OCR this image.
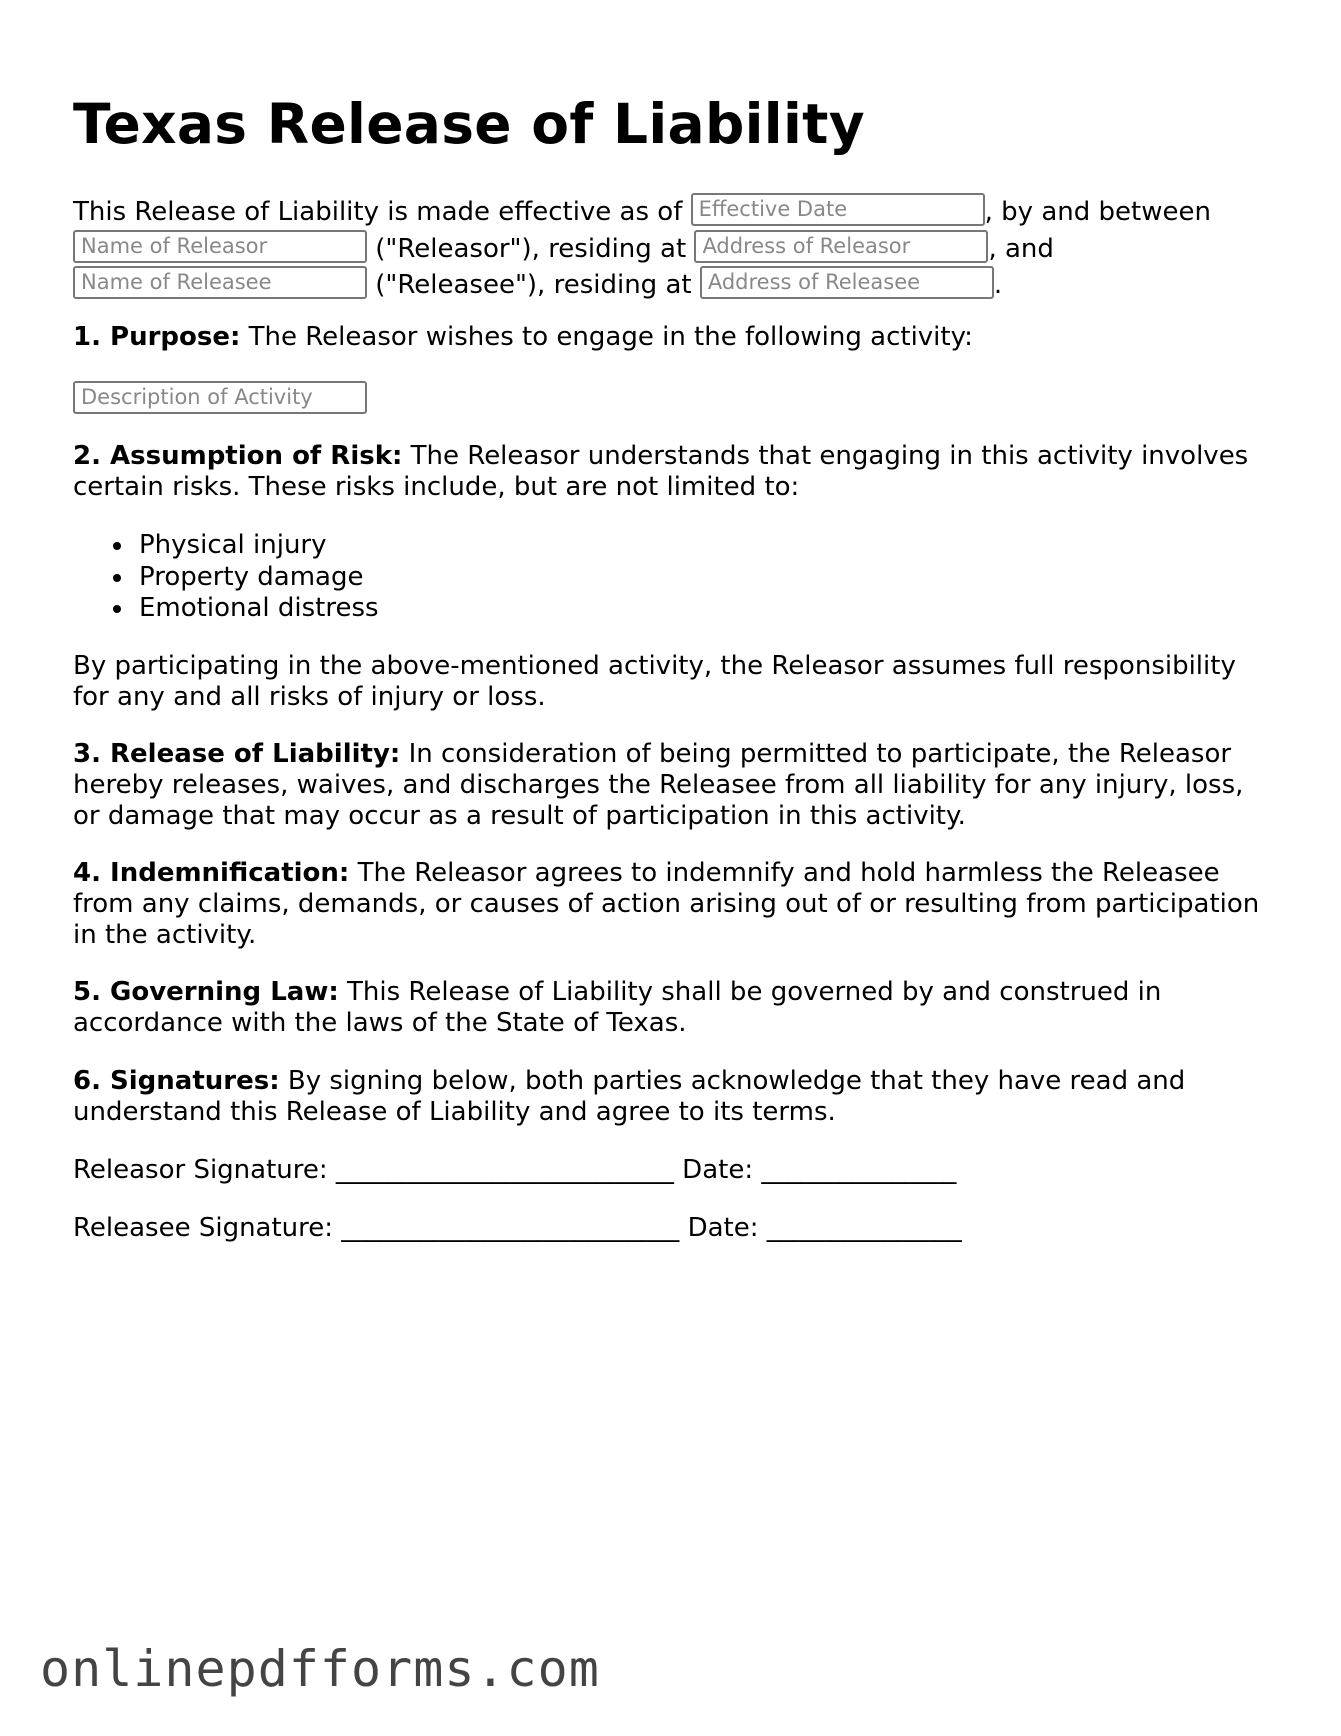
Texas Release of Liability
This Release of Liability is made effective as of Effective Date	, by and between
Name of Releasor	("Releasor"), residing at Address of Releasor	, and
Name of Releasee	("Releasee"), residing at Address of Releasee	.
1. Purpose: The Releasor wishes to engage in the following activity:
Description of Activity
2. Assumption of Risk: The Releasor understands that engaging in this activity involves certain risks. These risks include, but are not limited to:
Physical injury
Property damage
Emotional distress
By participating in the above-mentioned activity, the Releasor assumes full responsibility for any and all risks of injury or loss.
3. Release of Liability: In consideration of being permitted to participate, the Releasor hereby releases, waives, and discharges the Releasee from all liability for any injury, loss, or damage that may occur as a result of participation in this activity.
4. Indemnification: The Releasor agrees to indemnify and hold harmless the Releasee from any claims, demands, or causes of action arising out of or resulting from participation in the activity.
5. Governing Law: This Release of Liability shall be governed by and construed in accordance with the laws of the State of Texas.
6. Signatures: By signing below, both parties acknowledge that they have read and understand this Release of Liability and agree to its terms.
Releasor Signature: __________________________ Date: _______________
Releasee Signature: __________________________ Date: _______________
onlinepdfforms.com
